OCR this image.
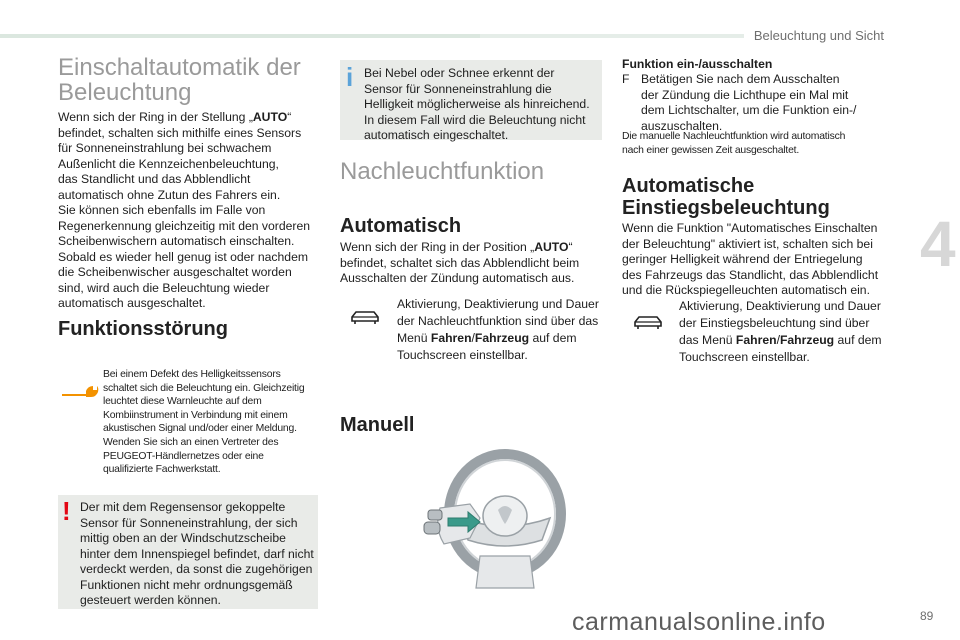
Beleuchtung und Sicht
4
Einschaltautomatik der
Beleuchtung
Wenn sich der Ring in der Stellung „AUTO“
befindet, schalten sich mithilfe eines Sensors
für Sonneneinstrahlung bei schwachem
Außenlicht die Kennzeichenbeleuchtung,
das Standlicht und das Abblendlicht
automatisch ohne Zutun des Fahrers ein.
Sie können sich ebenfalls im Falle von
Regenerkennung gleichzeitig mit den vorderen
Scheibenwischern automatisch einschalten.
Sobald es wieder hell genug ist oder nachdem
die Scheibenwischer ausgeschaltet worden
sind, wird auch die Beleuchtung wieder
automatisch ausgeschaltet.
Funktionsstörung
Bei einem Defekt des Helligkeitssensors
schaltet sich die Beleuchtung ein. Gleichzeitig
leuchtet diese Warnleuchte auf dem
Kombiinstrument in Verbindung mit einem
akustischen Signal und/oder einer Meldung.
Wenden Sie sich an einen Vertreter des
PEUGEOT-Händlernetzes oder eine
qualifizierte Fachwerkstatt.
! Der mit dem Regensensor gekoppelte
Sensor für Sonneneinstrahlung, der sich
mittig oben an der Windschutzscheibe
hinter dem Innenspiegel befindet, darf nicht
verdeckt werden, da sonst die zugehörigen
Funktionen nicht mehr ordnungsgemäß
gesteuert werden können.
i Bei Nebel oder Schnee erkennt der
Sensor für Sonneneinstrahlung die
Helligkeit möglicherweise als hinreichend.
In diesem Fall wird die Beleuchtung nicht
automatisch eingeschaltet.
Nachleuchtfunktion
Automatisch
Wenn sich der Ring in der Position „AUTO“
befindet, schaltet sich das Abblendlicht beim
Ausschalten der Zündung automatisch aus.
Aktivierung, Deaktivierung und Dauer
der Nachleuchtfunktion sind über das
Menü Fahren/Fahrzeug auf dem
Touchscreen einstellbar.
Manuell
Funktion ein-/ausschalten
F Betätigen Sie nach dem Ausschalten
der Zündung die Lichthupe ein Mal mit
dem Lichtschalter, um die Funktion ein-/
auszuschalten.
Die manuelle Nachleuchtfunktion wird automatisch
nach einer gewissen Zeit ausgeschaltet.
Automatische
Einstiegsbeleuchtung
Wenn die Funktion "Automatisches Einschalten
der Beleuchtung" aktiviert ist, schalten sich bei
geringer Helligkeit während der Entriegelung
des Fahrzeugs das Standlicht, das Abblendlicht
und die Rückspiegelleuchten automatisch ein.
Aktivierung, Deaktivierung und Dauer
der Einstiegsbeleuchtung sind über
das Menü Fahren/Fahrzeug auf dem
Touchscreen einstellbar.
89
carmanualsonline.info
